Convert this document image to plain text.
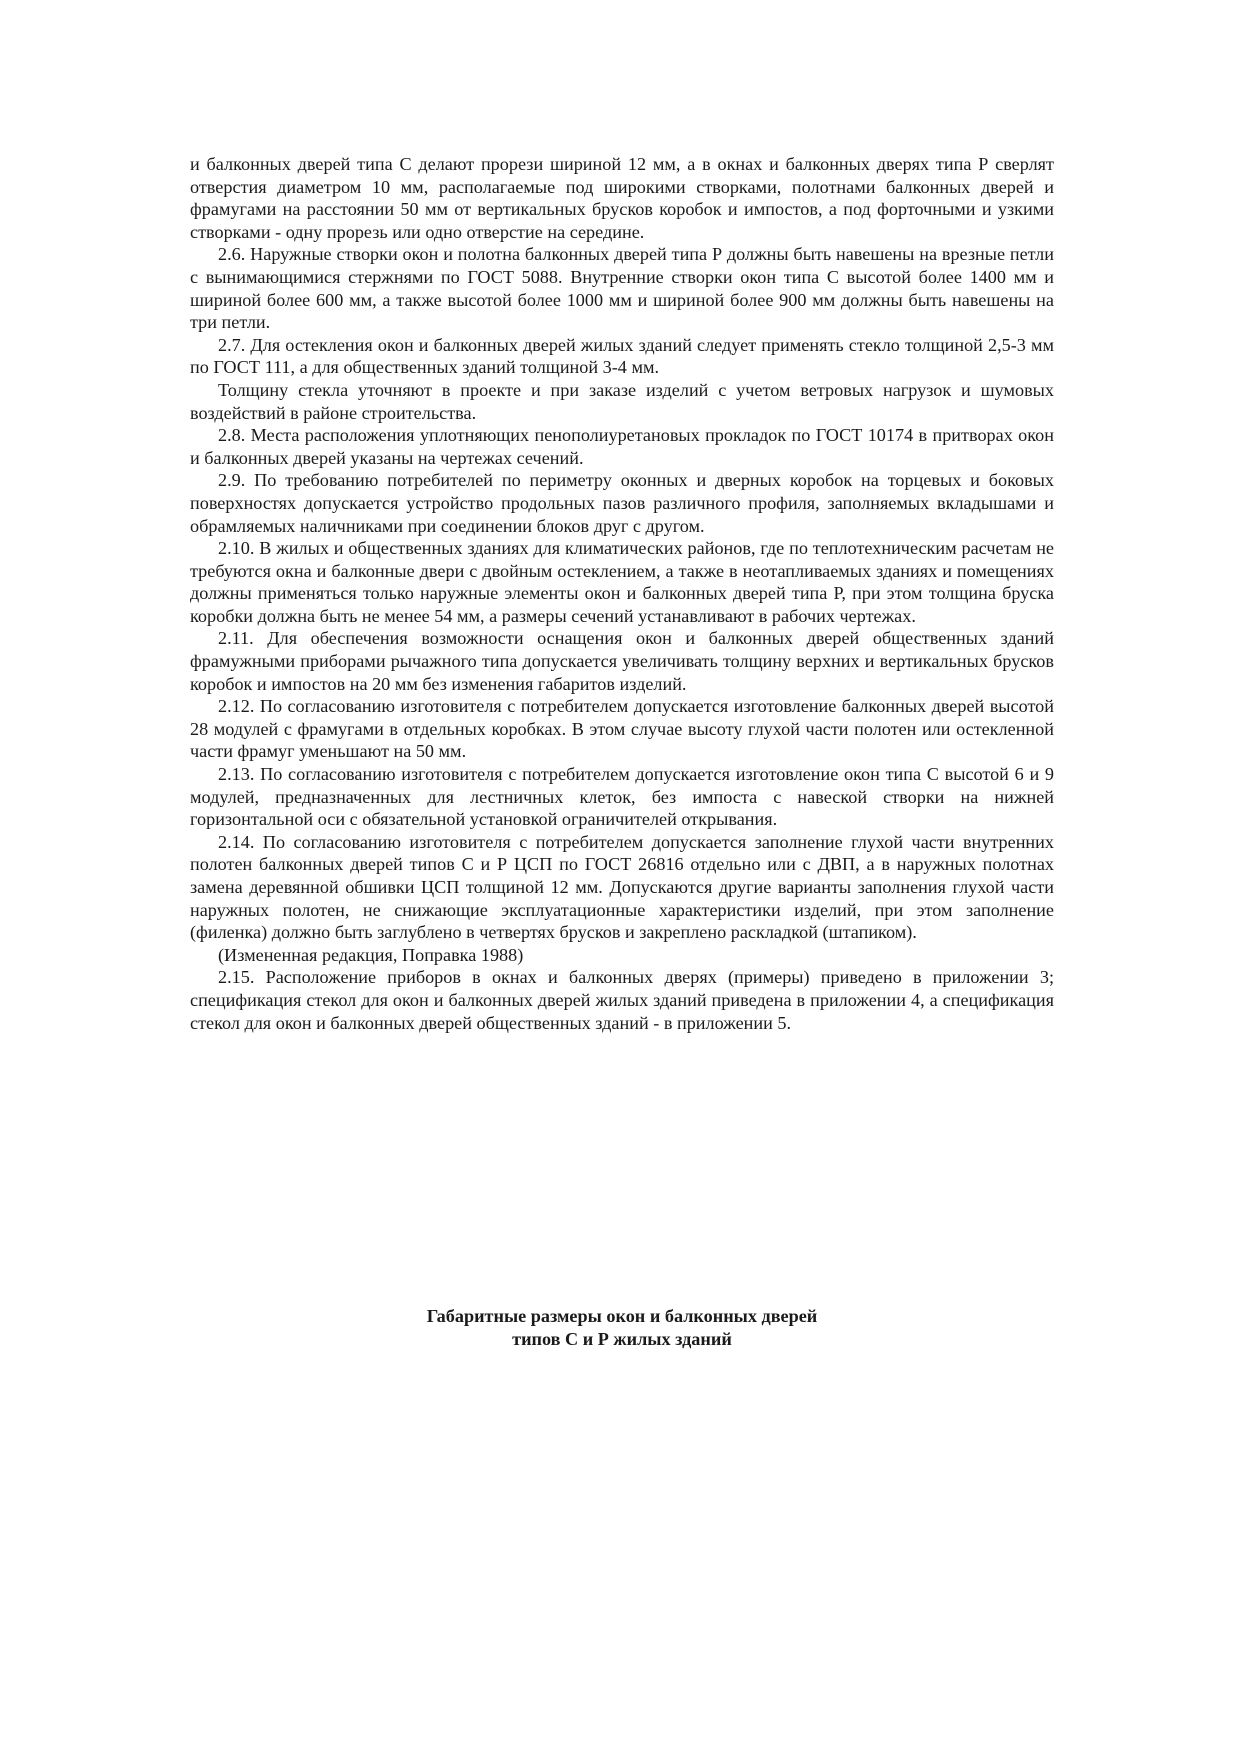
и балконных дверей типа С делают прорези шириной 12 мм, а в окнах и балконных дверях типа Р сверлят отверстия диаметром 10 мм, располагаемые под широкими створками, полотнами балконных дверей и фрамугами на расстоянии 50 мм от вертикальных брусков коробок и импостов, а под форточными и узкими створками - одну прорезь или одно отверстие на середине.

2.6. Наружные створки окон и полотна балконных дверей типа Р должны быть навешены на врезные петли с вынимающимися стержнями по ГОСТ 5088. Внутренние створки окон типа С высотой более 1400 мм и шириной более 600 мм, а также высотой более 1000 мм и шириной более 900 мм должны быть навешены на три петли.

2.7. Для остекления окон и балконных дверей жилых зданий следует применять стекло толщиной 2,5-3 мм по ГОСТ 111, а для общественных зданий толщиной 3-4 мм.

Толщину стекла уточняют в проекте и при заказе изделий с учетом ветровых нагрузок и шумовых воздействий в районе строительства.

2.8. Места расположения уплотняющих пенополиуретановых прокладок по ГОСТ 10174 в притворах окон и балконных дверей указаны на чертежах сечений.

2.9. По требованию потребителей по периметру оконных и дверных коробок на торцевых и боковых поверхностях допускается устройство продольных пазов различного профиля, заполняемых вкладышами и обрамляемых наличниками при соединении блоков друг с другом.

2.10. В жилых и общественных зданиях для климатических районов, где по теплотехническим расчетам не требуются окна и балконные двери с двойным остеклением, а также в неотапливаемых зданиях и помещениях должны применяться только наружные элементы окон и балконных дверей типа Р, при этом толщина бруска коробки должна быть не менее 54 мм, а размеры сечений устанавливают в рабочих чертежах.

2.11. Для обеспечения возможности оснащения окон и балконных дверей общественных зданий фрамужными приборами рычажного типа допускается увеличивать толщину верхних и вертикальных брусков коробок и импостов на 20 мм без изменения габаритов изделий.

2.12. По согласованию изготовителя с потребителем допускается изготовление балконных дверей высотой 28 модулей с фрамугами в отдельных коробках. В этом случае высоту глухой части полотен или остекленной части фрамуг уменьшают на 50 мм.

2.13. По согласованию изготовителя с потребителем допускается изготовление окон типа С высотой 6 и 9 модулей, предназначенных для лестничных клеток, без импоста с навеской створки на нижней горизонтальной оси с обязательной установкой ограничителей открывания.

2.14. По согласованию изготовителя с потребителем допускается заполнение глухой части внутренних полотен балконных дверей типов С и Р ЦСП по ГОСТ 26816 отдельно или с ДВП, а в наружных полотнах замена деревянной обшивки ЦСП толщиной 12 мм. Допускаются другие варианты заполнения глухой части наружных полотен, не снижающие эксплуатационные характеристики изделий, при этом заполнение (филенка) должно быть заглублено в четвертях брусков и закреплено раскладкой (штапиком).

(Измененная редакция, Поправка 1988)

2.15. Расположение приборов в окнах и балконных дверях (примеры) приведено в приложении 3; спецификация стекол для окон и балконных дверей жилых зданий приведена в приложении 4, а спецификация стекол для окон и балконных дверей общественных зданий - в приложении 5.

Габаритные размеры окон и балконных дверей
типов С и Р жилых зданий
